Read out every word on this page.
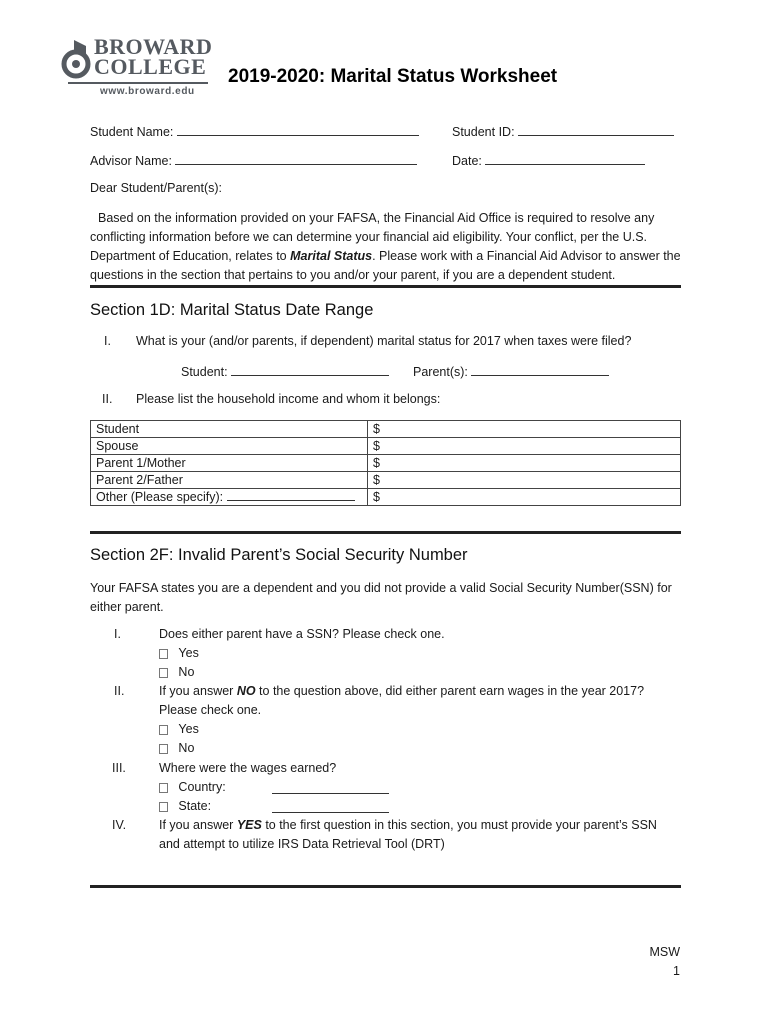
BROWARD
COLLEGE
www.broward.edu
2019-2020: Marital Status Worksheet
Student Name:	Student ID:
Advisor Name:	Date:
Dear Student/Parent(s):
Based on the information provided on your FAFSA, the Financial Aid Office is required to resolve any conflicting information before we can determine your financial aid eligibility. Your conflict, per the U.S. Department of Education, relates to Marital Status. Please work with a Financial Aid Advisor to answer the questions in the section that pertains to you and/or your parent, if you are a dependent student.
Section 1D: Marital Status Date Range
I. What is your (and/or parents, if dependent) marital status for 2017 when taxes were filed?
Student:	Parent(s):
II. Please list the household income and whom it belongs:
Student	$
Spouse	$
Parent 1/Mother	$
Parent 2/Father	$
Other (Please specify):	$
Section 2F: Invalid Parent’s Social Security Number
Your FAFSA states you are a dependent and you did not provide a valid Social Security Number(SSN) for either parent.
I.	Does either parent have a SSN? Please check one.
Yes
No
II.	If you answer NO to the question above, did either parent earn wages in the year 2017?
Please check one.
Yes
No
III.	Where were the wages earned?
Country:
State:
IV.	If you answer YES to the first question in this section, you must provide your parent’s SSN
and attempt to utilize IRS Data Retrieval Tool (DRT)
MSW
1
